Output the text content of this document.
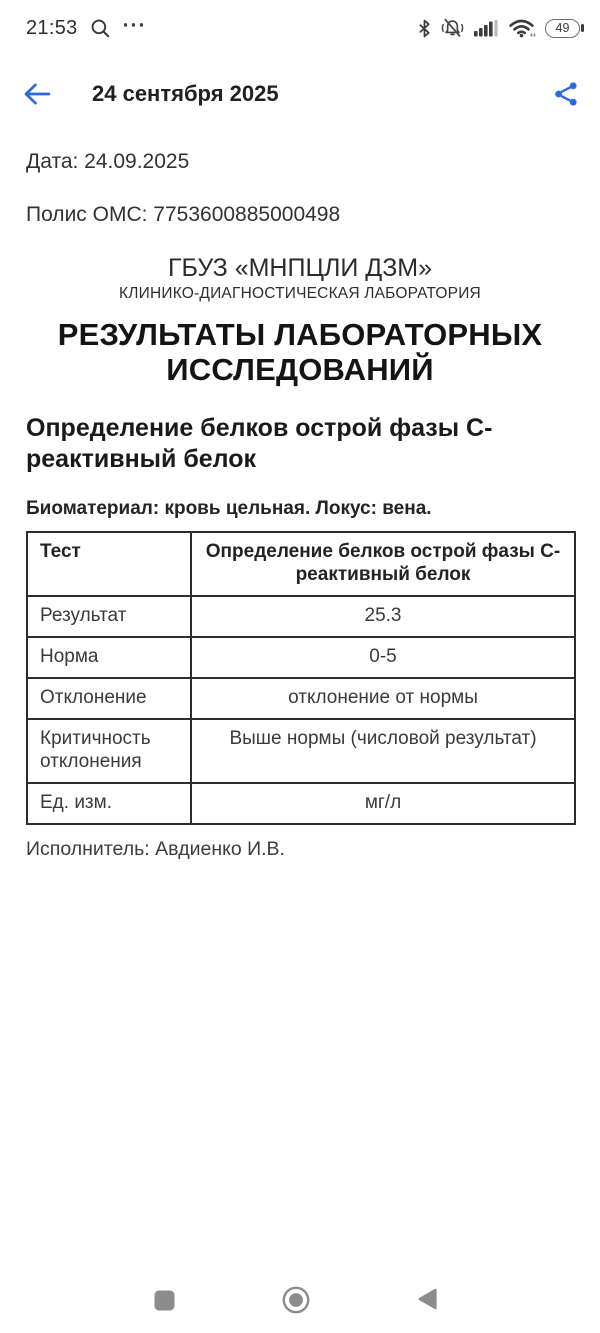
21:53 ···	49
24 сентября 2025

Дата: 24.09.2025

Полис ОМС: 7753600885000498

ГБУЗ «МНПЦЛИ ДЗМ»
КЛИНИКО-ДИАГНОСТИЧЕСКАЯ ЛАБОРАТОРИЯ
РЕЗУЛЬТАТЫ ЛАБОРАТОРНЫХ ИССЛЕДОВАНИЙ
Определение белков острой фазы С-реактивный белок

Биоматериал: кровь цельная. Локус: вена.

Тест	Определение белков острой фазы С-реактивный белок
Результат	25.3
Норма	0-5
Отклонение	отклонение от нормы
Критичность отклонения	Выше нормы (числовой результат)
Ед. изм.	мг/л

Исполнитель: Авдиенко И.В.
